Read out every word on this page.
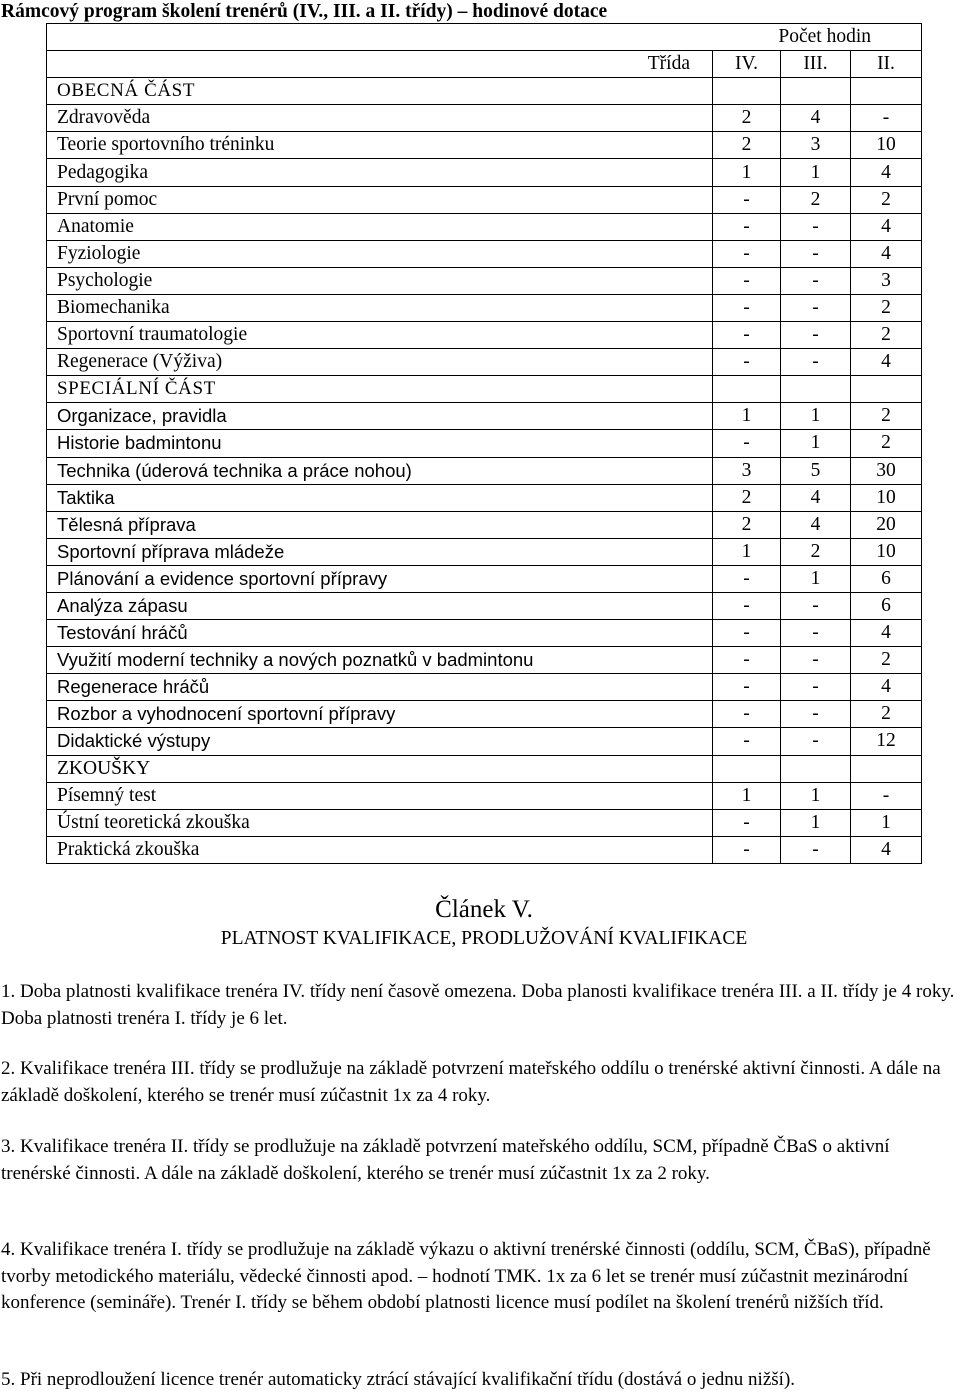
Rámcový program školení trenérů (IV., III. a II. třídy) – hodinové dotace
Počet hodin			
Třída	IV.	III.	II.
OBECNÁ ČÁST			
Zdravověda	2	4	-
Teorie sportovního tréninku	2	3	10
Pedagogika	1	1	4
První pomoc	-	2	2
Anatomie	-	-	4
Fyziologie	-	-	4
Psychologie	-	-	3
Biomechanika	-	-	2
Sportovní traumatologie	-	-	2
Regenerace (Výživa)	-	-	4
SPECIÁLNÍ ČÁST			
Organizace, pravidla	1	1	2
Historie badmintonu	-	1	2
Technika (úderová technika a práce nohou)	3	5	30
Taktika	2	4	10
Tělesná příprava	2	4	20
Sportovní příprava mládeže	1	2	10
Plánování a evidence sportovní přípravy	-	1	6
Analýza zápasu	-	-	6
Testování hráčů	-	-	4
Využití moderní techniky a nových poznatků v badmintonu	-	-	2
Regenerace hráčů	-	-	4
Rozbor a vyhodnocení sportovní přípravy	-	-	2
Didaktické výstupy	-	-	12
ZKOUŠKY			
Písemný test	1	1	-
Ústní teoretická zkouška	-	1	1
Praktická zkouška	-	-	4
Článek V.
PLATNOST KVALIFIKACE, PRODLUŽOVÁNÍ KVALIFIKACE
1. Doba platnosti kvalifikace trenéra IV. třídy není časově omezena. Doba planosti kvalifikace trenéra III. a II. třídy je 4 roky. Doba platnosti trenéra I. třídy je 6 let.
2. Kvalifikace trenéra III. třídy se prodlužuje na základě potvrzení mateřského oddílu o trenérské aktivní činnosti. A dále na základě doškolení, kterého se trenér musí zúčastnit 1x za 4 roky.
3. Kvalifikace trenéra II. třídy se prodlužuje na základě potvrzení mateřského oddílu, SCM, případně ČBaS o aktivní trenérské činnosti. A dále na základě doškolení, kterého se trenér musí zúčastnit 1x za 2 roky.
4. Kvalifikace trenéra I. třídy se prodlužuje na základě výkazu o aktivní trenérské činnosti (oddílu, SCM, ČBaS), případně tvorby metodického materiálu, vědecké činnosti apod. – hodnotí TMK. 1x za 6 let se trenér musí zúčastnit mezinárodní konference (semináře). Trenér I. třídy se během období platnosti licence musí podílet na školení trenérů nižších tříd.
5. Při neprodloužení licence trenér automaticky ztrácí stávající kvalifikační třídu (dostává o jednu nižší).
